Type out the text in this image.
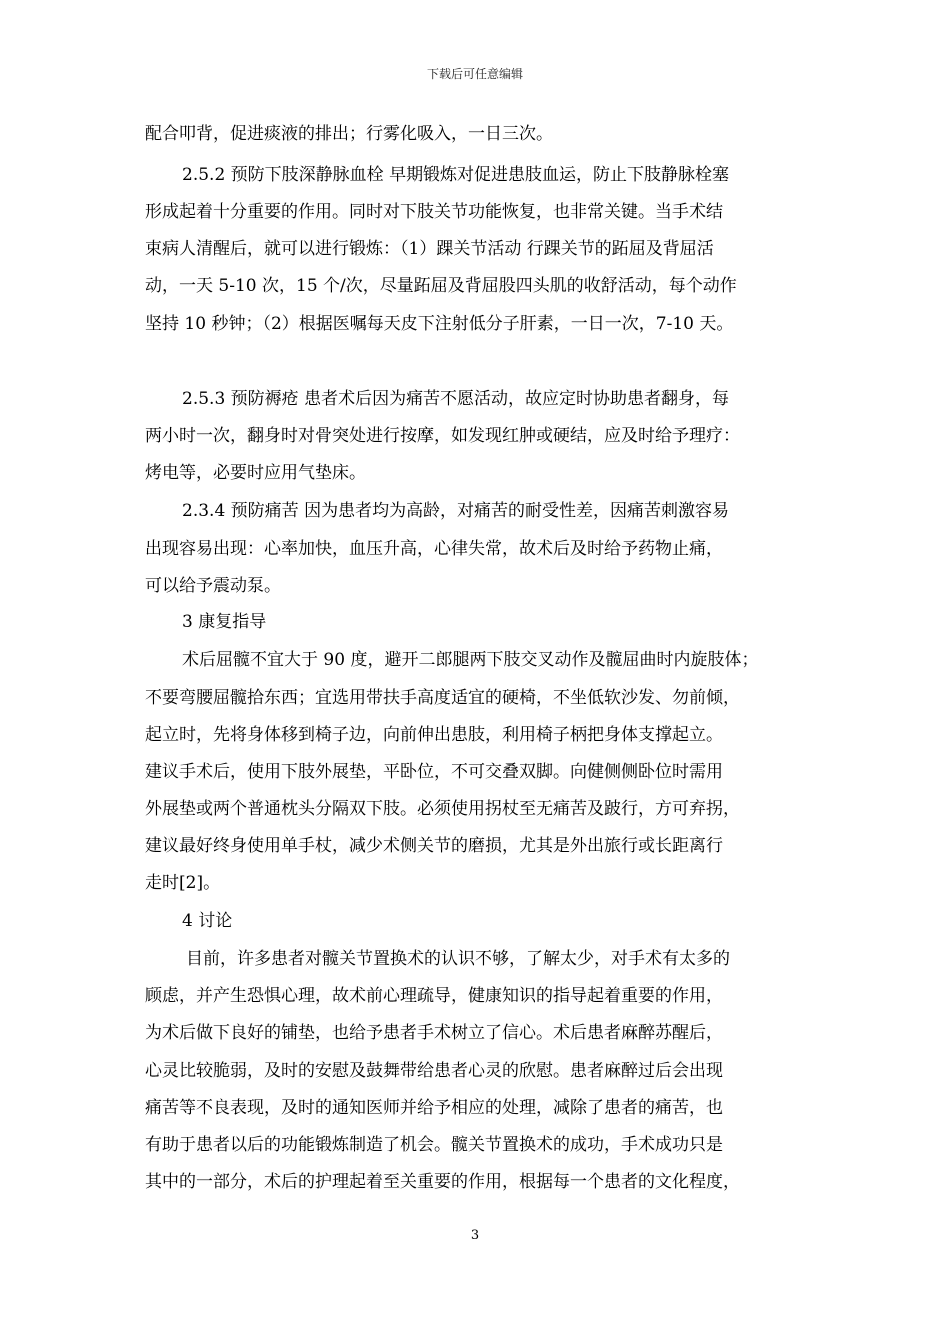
下载后可任意编辑
配合叩背，促进痰液的排出；行雾化吸入，一日三次。
2.5.2 预防下肢深静脉血栓 早期锻炼对促进患肢血运，防止下肢静脉栓塞
形成起着十分重要的作用。同时对下肢关节功能恢复，也非常关键。当手术结
束病人清醒后，就可以进行锻炼：（1）踝关节活动 行踝关节的跖屈及背屈活
动，一天 5-10 次，15 个/次，尽量跖屈及背屈股四头肌的收舒活动，每个动作
坚持 10 秒钟；（2）根据医嘱每天皮下注射低分子肝素，一日一次，7-10 天。
2.5.3 预防褥疮 患者术后因为痛苦不愿活动，故应定时协助患者翻身，每
两小时一次，翻身时对骨突处进行按摩，如发现红肿或硬结，应及时给予理疗：
烤电等，必要时应用气垫床。
2.3.4 预防痛苦 因为患者均为高龄，对痛苦的耐受性差，因痛苦刺激容易
出现容易出现：心率加快，血压升高，心律失常，故术后及时给予药物止痛，
可以给予震动泵。
3 康复指导
术后屈髋不宜大于 90 度，避开二郎腿两下肢交叉动作及髋屈曲时内旋肢体；
不要弯腰屈髋拾东西；宜选用带扶手高度适宜的硬椅，不坐低软沙发、勿前倾，
起立时，先将身体移到椅子边，向前伸出患肢，利用椅子柄把身体支撑起立。
建议手术后，使用下肢外展垫，平卧位，不可交叠双脚。向健侧侧卧位时需用
外展垫或两个普通枕头分隔双下肢。必须使用拐杖至无痛苦及跛行，方可弃拐，
建议最好终身使用单手杖，减少术侧关节的磨损，尤其是外出旅行或长距离行
走时[2]。
4 讨论
目前，许多患者对髋关节置换术的认识不够，了解太少，对手术有太多的
顾虑，并产生恐惧心理，故术前心理疏导，健康知识的指导起着重要的作用，
为术后做下良好的铺垫，也给予患者手术树立了信心。术后患者麻醉苏醒后，
心灵比较脆弱，及时的安慰及鼓舞带给患者心灵的欣慰。患者麻醉过后会出现
痛苦等不良表现，及时的通知医师并给予相应的处理，减除了患者的痛苦，也
有助于患者以后的功能锻炼制造了机会。髋关节置换术的成功，手术成功只是
其中的一部分，术后的护理起着至关重要的作用，根据每一个患者的文化程度，
3
